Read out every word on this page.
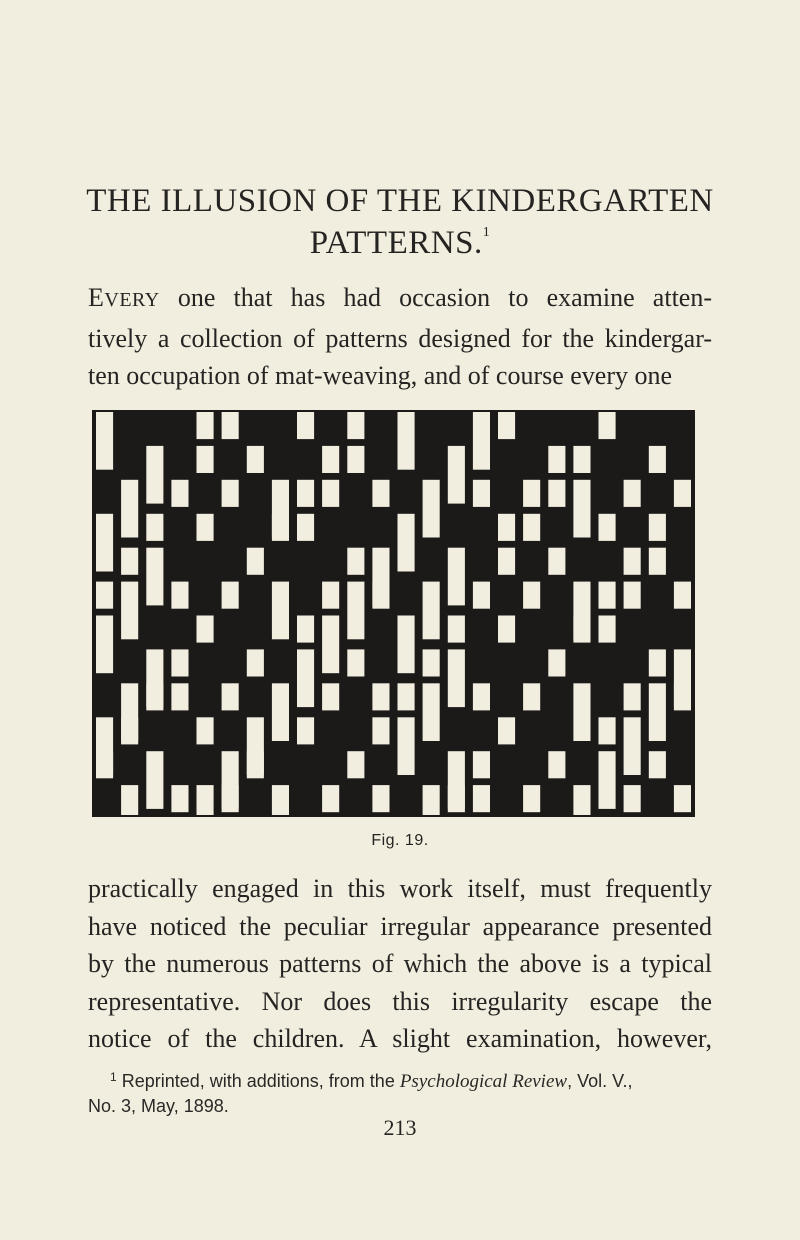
THE ILLUSION OF THE KINDERGARTEN
PATTERNS.$^1$
EVERY one that has had occasion to examine atten-
tively a collection of patterns designed for the kindergar-
ten occupation of mat-weaving, and of course every one
Fig. 19.
practically engaged in this work itself, must frequently
have noticed the peculiar irregular appearance presented
by the numerous patterns of which the above is a typical
representative. Nor does this irregularity escape the
notice of the children. A slight examination, however,
$^1$ Reprinted, with additions, from the Psychological Review, Vol. V.,
No. 3, May, 1898.
213
